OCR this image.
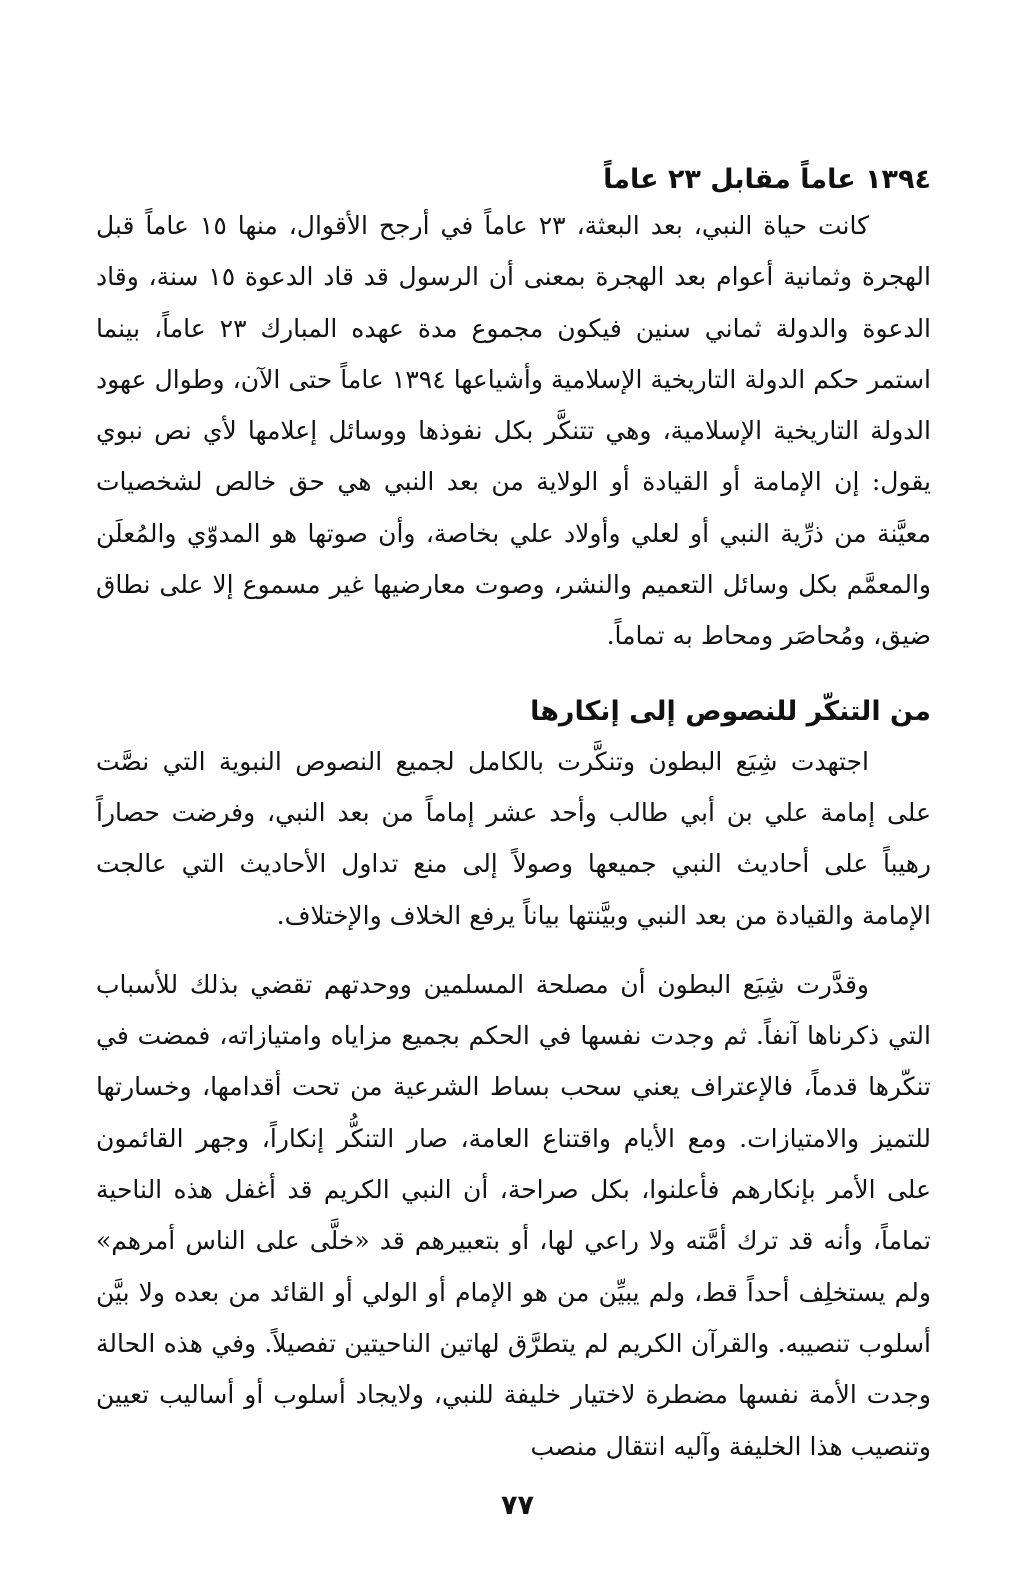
١٣٩٤ عاماً مقابل ٢٣ عاماً

كانت حياة النبي، بعد البعثة، ٢٣ عاماً في أرجح الأقوال، منها ١٥ عاماً قبل الهجرة وثمانية أعوام بعد الهجرة بمعنى أن الرسول قد قاد الدعوة ١٥ سنة، وقاد الدعوة والدولة ثماني سنين فيكون مجموع مدة عهده المبارك ٢٣ عاماً، بينما استمر حكم الدولة التاريخية الإسلامية وأشياعها ١٣٩٤ عاماً حتى الآن، وطوال عهود الدولة التاريخية الإسلامية، وهي تتنكَّر بكل نفوذها ووسائل إعلامها لأي نص نبوي يقول: إن الإمامة أو القيادة أو الولاية من بعد النبي هي حق خالص لشخصيات معيَّنة من ذرِّية النبي أو لعلي وأولاد علي بخاصة، وأن صوتها هو المدوّي والمُعلَن والمعمَّم بكل وسائل التعميم والنشر، وصوت معارضيها غير مسموع إلا على نطاق ضيق، ومُحاصَر ومحاط به تماماً.

من التنكّر للنصوص إلى إنكارها

اجتهدت شِيَع البطون وتنكَّرت بالكامل لجميع النصوص النبوية التي نصَّت على إمامة علي بن أبي طالب وأحد عشر إماماً من بعد النبي، وفرضت حصاراً رهيباً على أحاديث النبي جميعها وصولاً إلى منع تداول الأحاديث التي عالجت الإمامة والقيادة من بعد النبي وبيَّنتها بياناً يرفع الخلاف والإختلاف.

وقدَّرت شِيَع البطون أن مصلحة المسلمين ووحدتهم تقضي بذلك للأسباب التي ذكرناها آنفاً. ثم وجدت نفسها في الحكم بجميع مزاياه وامتيازاته، فمضت في تنكّرها قدماً، فالإعتراف يعني سحب بساط الشرعية من تحت أقدامها، وخسارتها للتميز والامتيازات. ومع الأيام واقتناع العامة، صار التنكُّر إنكاراً، وجهر القائمون على الأمر بإنكارهم فأعلنوا، بكل صراحة، أن النبي الكريم قد أغفل هذه الناحية تماماً، وأنه قد ترك أمَّته ولا راعي لها، أو بتعبيرهم قد «خلَّى على الناس أمرهم» ولم يستخلِف أحداً قط، ولم يبيِّن من هو الإمام أو الولي أو القائد من بعده ولا بيَّن أسلوب تنصيبه. والقرآن الكريم لم يتطرَّق لهاتين الناحيتين تفصيلاً. وفي هذه الحالة وجدت الأمة نفسها مضطرة لاختيار خليفة للنبي، ولايجاد أسلوب أو أساليب تعيين وتنصيب هذا الخليفة وآليه انتقال منصب

٧٧
